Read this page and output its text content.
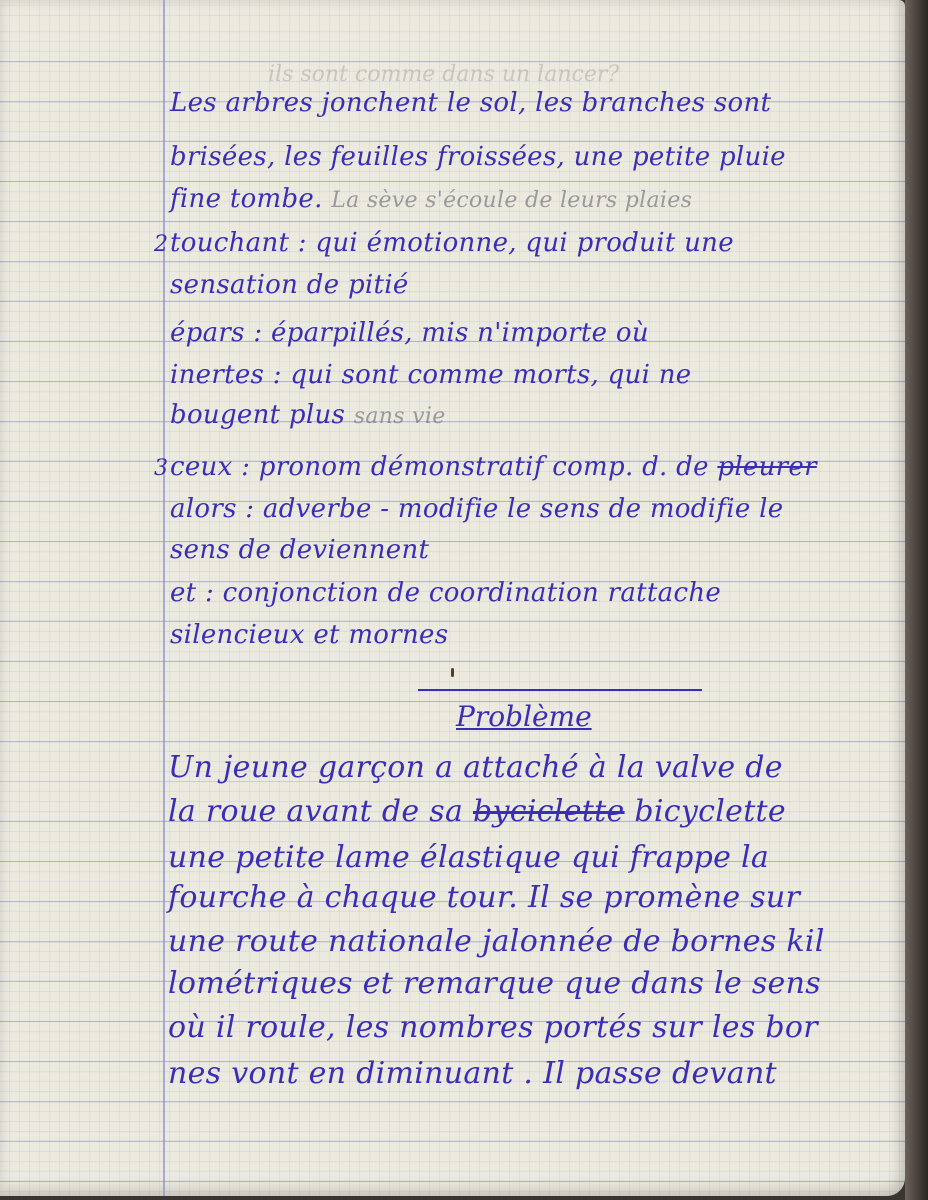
ils sont comme dans un lancer?
Les arbres jonchent le sol, les branches sont
brisées, les feuilles froissées, une petite pluie
fine tombe. La sève s'écoule de leurs plaies
2 touchant : qui émotionne, qui produit une
sensation de pitié
épars : éparpillés, mis n'importe où
inertes : qui sont comme morts, qui ne
bougent plus sans vie
3 ceux : pronom démonstratif comp. d. de pleurer
alors : adverbe - modifie le sens de modifie le
sens de deviennent
et : conjonction de coordination rattache
silencieux et mornes
Problème
Un jeune garçon a attaché à la valve de
la roue avant de sa byciclette bicyclette
une petite lame élastique qui frappe la
fourche à chaque tour. Il se promène sur
une route nationale jalonnée de bornes kil
lométriques et remarque que dans le sens
où il roule, les nombres portés sur les bor
nes vont en diminuant . Il passe devant
